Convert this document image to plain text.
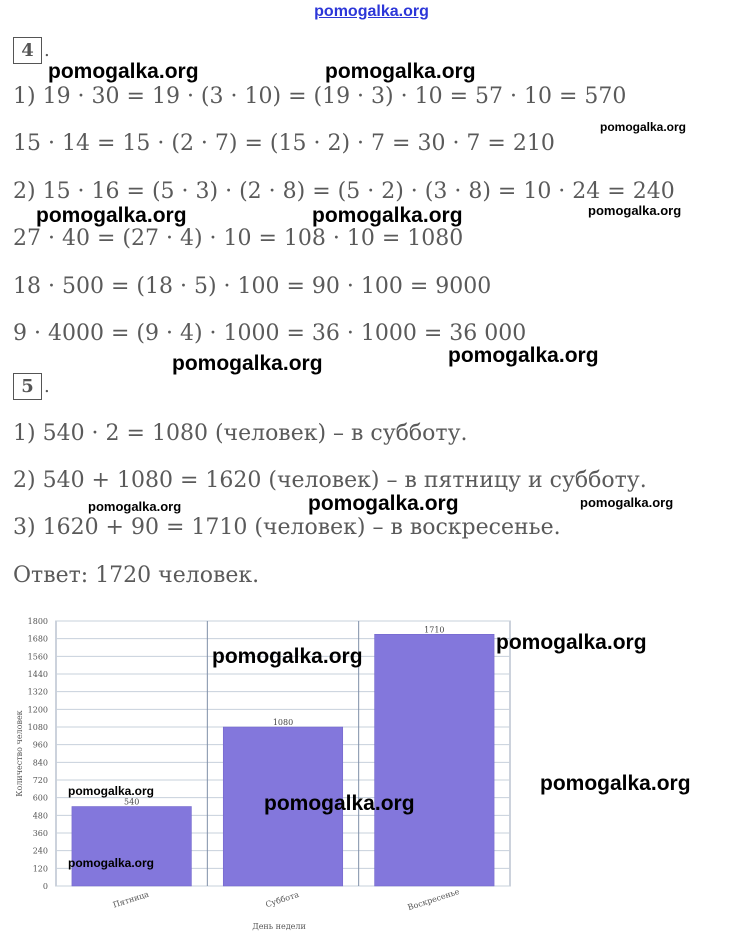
pomogalka.org
4 .
1) 19 · 30 = 19 · (3 · 10) = (19 · 3) · 10 = 57 · 10 = 570
15 · 14 = 15 · (2 · 7) = (15 · 2) · 7 = 30 · 7 = 210
2) 15 · 16 = (5 · 3) · (2 · 8) = (5 · 2) · (3 · 8) = 10 · 24 = 240
27 · 40 = (27 · 4) · 10 = 108 · 10 = 1080
18 · 500 = (18 · 5) · 100 = 90 · 100 = 9000
9 · 4000 = (9 · 4) · 1000 = 36 · 1000 = 36 000
5 .
1) 540 · 2 = 1080 (человек) – в субботу.
2) 540 + 1080 = 1620 (человек) – в пятницу и субботу.
3) 1620 + 90 = 1710 (человек) – в воскресенье.
Ответ: 1720 человек.
0
120
240
360
480
600
720
840
960
1080
1200
1320
1440
1560
1680
1800
540
Пятница
1080
Суббота
1710
Воскресенье
День недели
Количество человек
pomogalka.org	pomogalka.org
pomogalka.org
pomogalka.org	pomogalka.org	pomogalka.org
pomogalka.org	pomogalka.org
pomogalka.org	pomogalka.org	pomogalka.org
pomogalka.org
pomogalka.org
pomogalka.org
pomogalka.org
pomogalka.org
pomogalka.org
